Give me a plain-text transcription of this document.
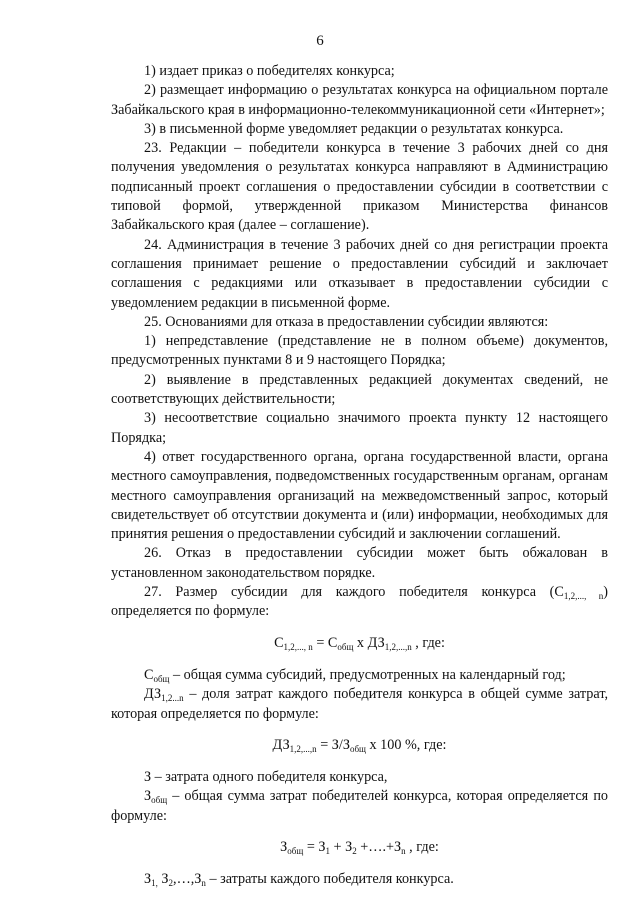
6

1) издает приказ о победителях конкурса;

2) размещает информацию о результатах конкурса на официальном портале Забайкальского края в информационно-телекоммуникационной сети «Интернет»;

3) в письменной форме уведомляет редакции о результатах конкурса.

23. Редакции – победители конкурса в течение 3 рабочих дней со дня получения уведомления о результатах конкурса направляют в Администрацию подписанный проект соглашения о предоставлении субсидии в соответствии с типовой формой, утвержденной приказом Министерства финансов Забайкальского края (далее – соглашение).

24. Администрация в течение 3 рабочих дней со дня регистрации проекта соглашения принимает решение о предоставлении субсидий и заключает соглашения с редакциями или отказывает в предоставлении субсидии с уведомлением редакции в письменной форме.

25. Основаниями для отказа в предоставлении субсидии являются:

1) непредставление (представление не в полном объеме) документов, предусмотренных пунктами 8 и 9 настоящего Порядка;

2) выявление в представленных редакцией документах сведений, не соответствующих действительности;

3) несоответствие социально значимого проекта пункту 12 настоящего Порядка;

4) ответ государственного органа, органа государственной власти, органа местного самоуправления, подведомственных государственным органам, органам местного самоуправления организаций на межведомственный запрос, который свидетельствует об отсутствии документа и (или) информации, необходимых для принятия решения о предоставлении субсидий и заключении соглашений.

26. Отказ в предоставлении субсидии может быть обжалован в установленном законодательством порядке.

27. Размер субсидии для каждого победителя конкурса $(С_{1,2,..., n})$ определяется по формуле:

$С_{1,2,..., n} = С_{общ}$ х $ДЗ_{1,2,...,n}$ , где:

$С_{общ}$ – общая сумма субсидий, предусмотренных на календарный год;

$ДЗ_{1,2...n}$ – доля затрат каждого победителя конкурса в общей сумме затрат, которая определяется по формуле:

$ДЗ_{1,2,...,n} = З/З_{общ}$ х 100 %, где:

З – затрата одного победителя конкурса,

$З_{общ}$ – общая сумма затрат победителей конкурса, которая определяется по формуле:

$З_{общ} = З_1 + З_2$ $+\dots.+З_n$ , где:

$З_{1,}$ $З_2,\dots,З_n$ – затраты каждого победителя конкурса.
